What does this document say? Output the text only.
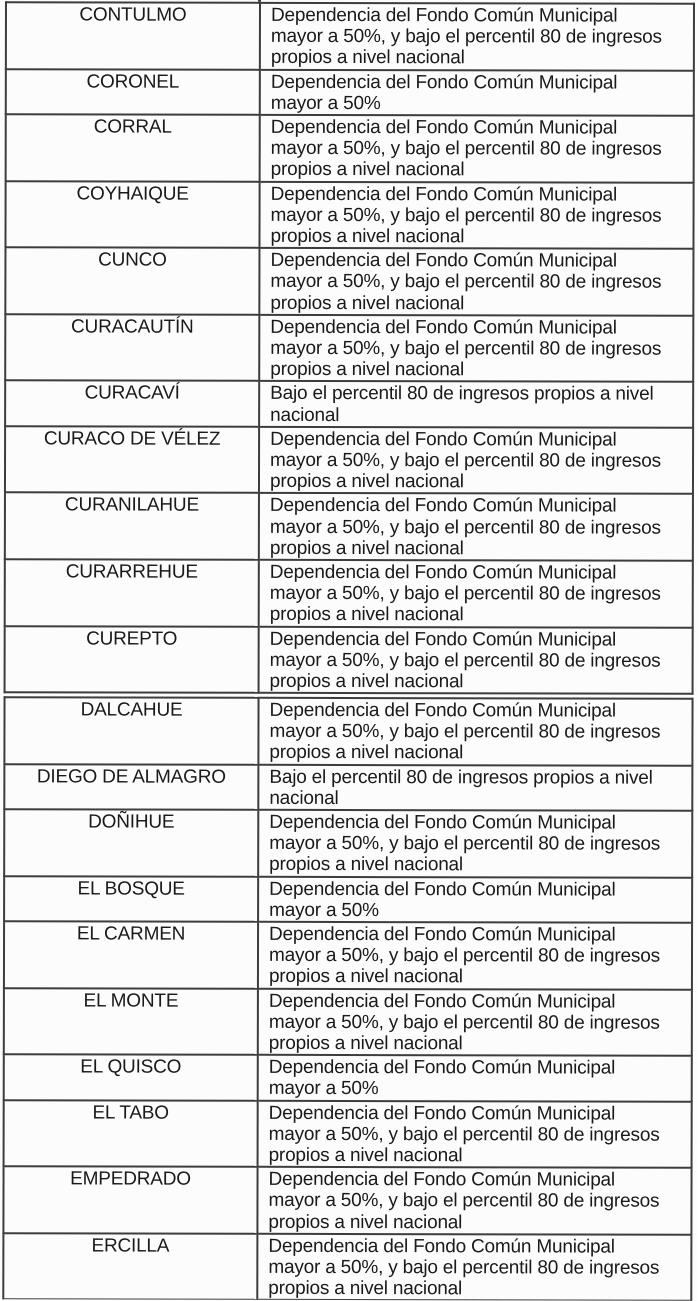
CONTULMO	Dependencia del Fondo Común Municipal
mayor a 50%, y bajo el percentil 80 de ingresos
propios a nivel nacional
CORONEL	Dependencia del Fondo Común Municipal
mayor a 50%
CORRAL	Dependencia del Fondo Común Municipal
mayor a 50%, y bajo el percentil 80 de ingresos
propios a nivel nacional
COYHAIQUE	Dependencia del Fondo Común Municipal
mayor a 50%, y bajo el percentil 80 de ingresos
propios a nivel nacional
CUNCO	Dependencia del Fondo Común Municipal
mayor a 50%, y bajo el percentil 80 de ingresos
propios a nivel nacional
CURACAUTÍN	Dependencia del Fondo Común Municipal
mayor a 50%, y bajo el percentil 80 de ingresos
propios a nivel nacional
CURACAVÍ	Bajo el percentil 80 de ingresos propios a nivel
nacional
CURACO DE VÉLEZ	Dependencia del Fondo Común Municipal
mayor a 50%, y bajo el percentil 80 de ingresos
propios a nivel nacional
CURANILAHUE	Dependencia del Fondo Común Municipal
mayor a 50%, y bajo el percentil 80 de ingresos
propios a nivel nacional
CURARREHUE	Dependencia del Fondo Común Municipal
mayor a 50%, y bajo el percentil 80 de ingresos
propios a nivel nacional
CUREPTO	Dependencia del Fondo Común Municipal
mayor a 50%, y bajo el percentil 80 de ingresos
propios a nivel nacional
DALCAHUE	Dependencia del Fondo Común Municipal
mayor a 50%, y bajo el percentil 80 de ingresos
propios a nivel nacional
DIEGO DE ALMAGRO	Bajo el percentil 80 de ingresos propios a nivel
nacional
DOÑIHUE	Dependencia del Fondo Común Municipal
mayor a 50%, y bajo el percentil 80 de ingresos
propios a nivel nacional
EL BOSQUE	Dependencia del Fondo Común Municipal
mayor a 50%
EL CARMEN	Dependencia del Fondo Común Municipal
mayor a 50%, y bajo el percentil 80 de ingresos
propios a nivel nacional
EL MONTE	Dependencia del Fondo Común Municipal
mayor a 50%, y bajo el percentil 80 de ingresos
propios a nivel nacional
EL QUISCO	Dependencia del Fondo Común Municipal
mayor a 50%
EL TABO	Dependencia del Fondo Común Municipal
mayor a 50%, y bajo el percentil 80 de ingresos
propios a nivel nacional
EMPEDRADO	Dependencia del Fondo Común Municipal
mayor a 50%, y bajo el percentil 80 de ingresos
propios a nivel nacional
ERCILLA	Dependencia del Fondo Común Municipal
mayor a 50%, y bajo el percentil 80 de ingresos
propios a nivel nacional
